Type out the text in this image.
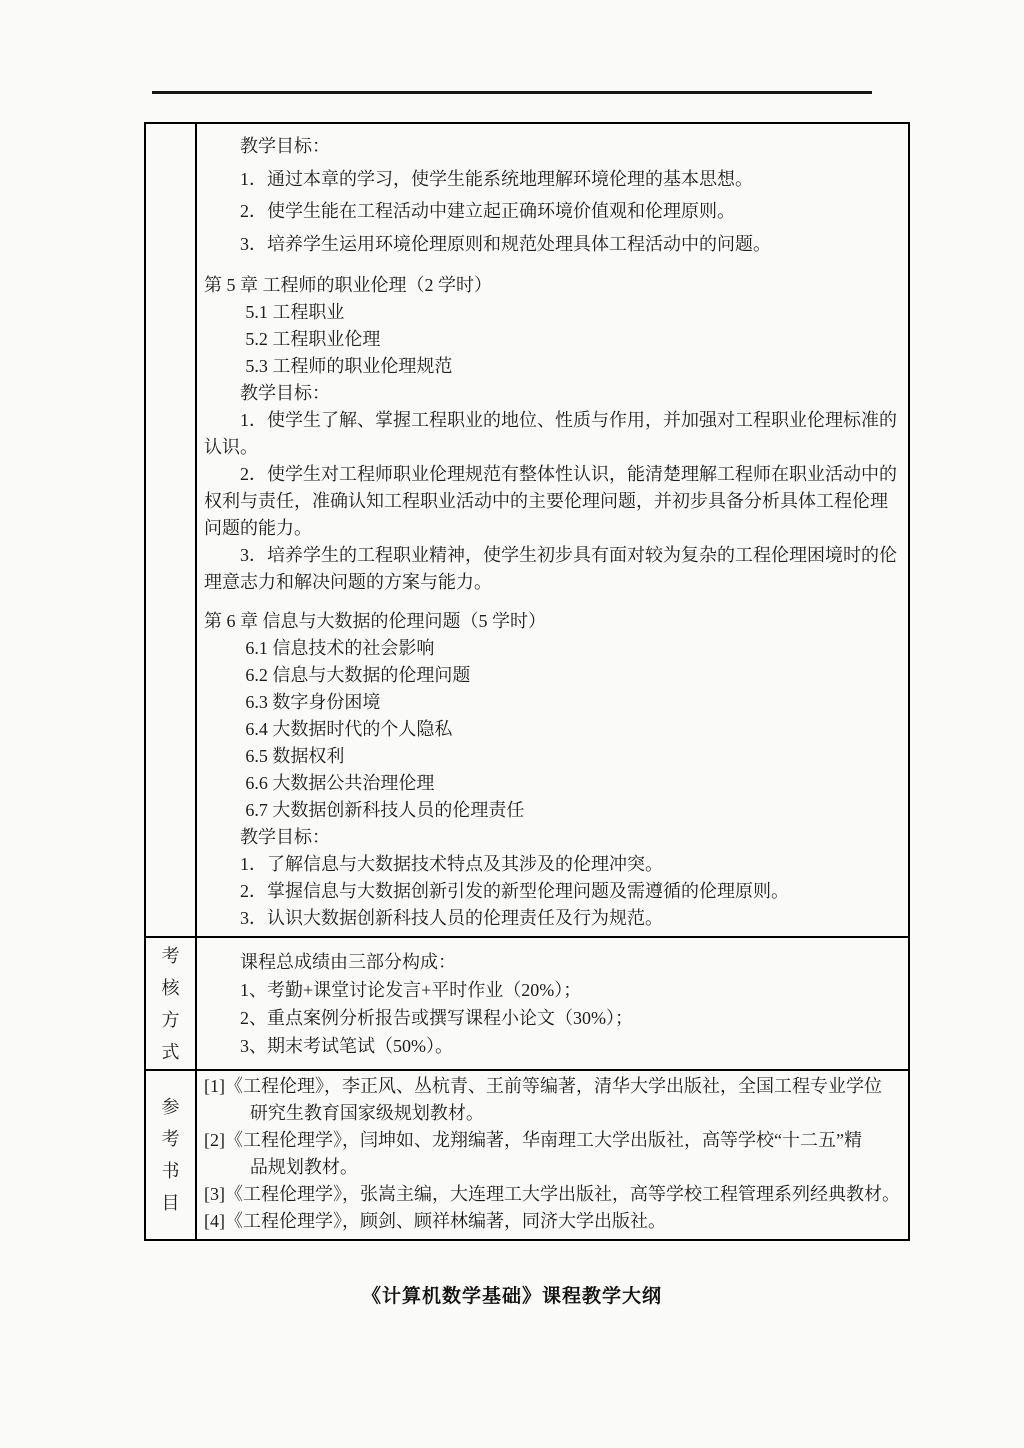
教学目标：

1．通过本章的学习，使学生能系统地理解环境伦理的基本思想。

2．使学生能在工程活动中建立起正确环境价值观和伦理原则。

3．培养学生运用环境伦理原则和规范处理具体工程活动中的问题。

第 5 章 工程师的职业伦理（2 学时）

5.1 工程职业

5.2 工程职业伦理

5.3 工程师的职业伦理规范

教学目标：

1．使学生了解、掌握工程职业的地位、性质与作用，并加强对工程职业伦理标准的认识。

2．使学生对工程师职业伦理规范有整体性认识，能清楚理解工程师在职业活动中的权利与责任，准确认知工程职业活动中的主要伦理问题，并初步具备分析具体工程伦理问题的能力。

3．培养学生的工程职业精神，使学生初步具有面对较为复杂的工程伦理困境时的伦理意志力和解决问题的方案与能力。

第 6 章 信息与大数据的伦理问题（5 学时）

6.1 信息技术的社会影响

6.2 信息与大数据的伦理问题

6.3 数字身份困境

6.4 大数据时代的个人隐私

6.5 数据权利

6.6 大数据公共治理伦理

6.7 大数据创新科技人员的伦理责任

教学目标：

1．了解信息与大数据技术特点及其涉及的伦理冲突。

2．掌握信息与大数据创新引发的新型伦理问题及需遵循的伦理原则。

3．认识大数据创新科技人员的伦理责任及行为规范。

考核方式

课程总成绩由三部分构成：

1、考勤+课堂讨论发言+平时作业（20%）；

2、重点案例分析报告或撰写课程小论文（30%）；

3、期末考试笔试（50%）。

参考书目

[1]《工程伦理》，李正风、丛杭青、王前等编著，清华大学出版社，全国工程专业学位

研究生教育国家级规划教材。

[2]《工程伦理学》，闫坤如、龙翔编著，华南理工大学出版社，高等学校“十二五”精

品规划教材。

[3]《工程伦理学》，张嵩主编，大连理工大学出版社，高等学校工程管理系列经典教材。

[4]《工程伦理学》，顾剑、顾祥林编著，同济大学出版社。

《计算机数学基础》课程教学大纲
